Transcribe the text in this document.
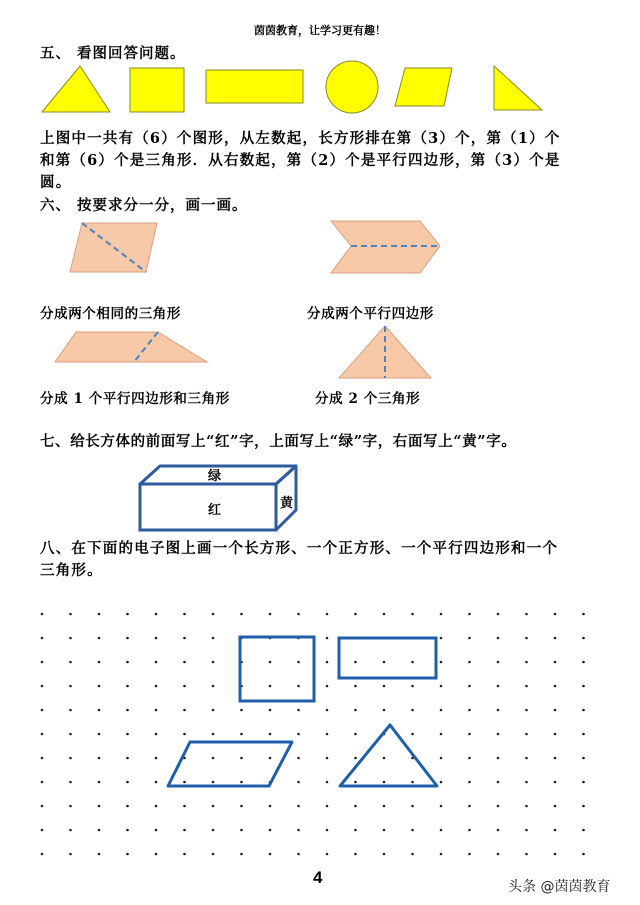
茵茵教育，让学习更有趣！
五、 看图回答问题。
上图中一共有（6）个图形，从左数起，长方形排在第（3）个，第（1）个
和第（6）个是三角形．从右数起，第（2）个是平行四边形，第（3）个是
圆。
六、 按要求分一分，画一画。
分成两个相同的三角形	分成两个平行四边形
分成 1 个平行四边形和三角形	分成 2 个三角形
七、给长方体的前面写上“红”字，上面写上“绿”字，右面写上“黄”字。
绿
红	黄
八、在下面的电子图上画一个长方形、一个正方形、一个平行四边形和一个
三角形。
4	头条 @茵茵教育
